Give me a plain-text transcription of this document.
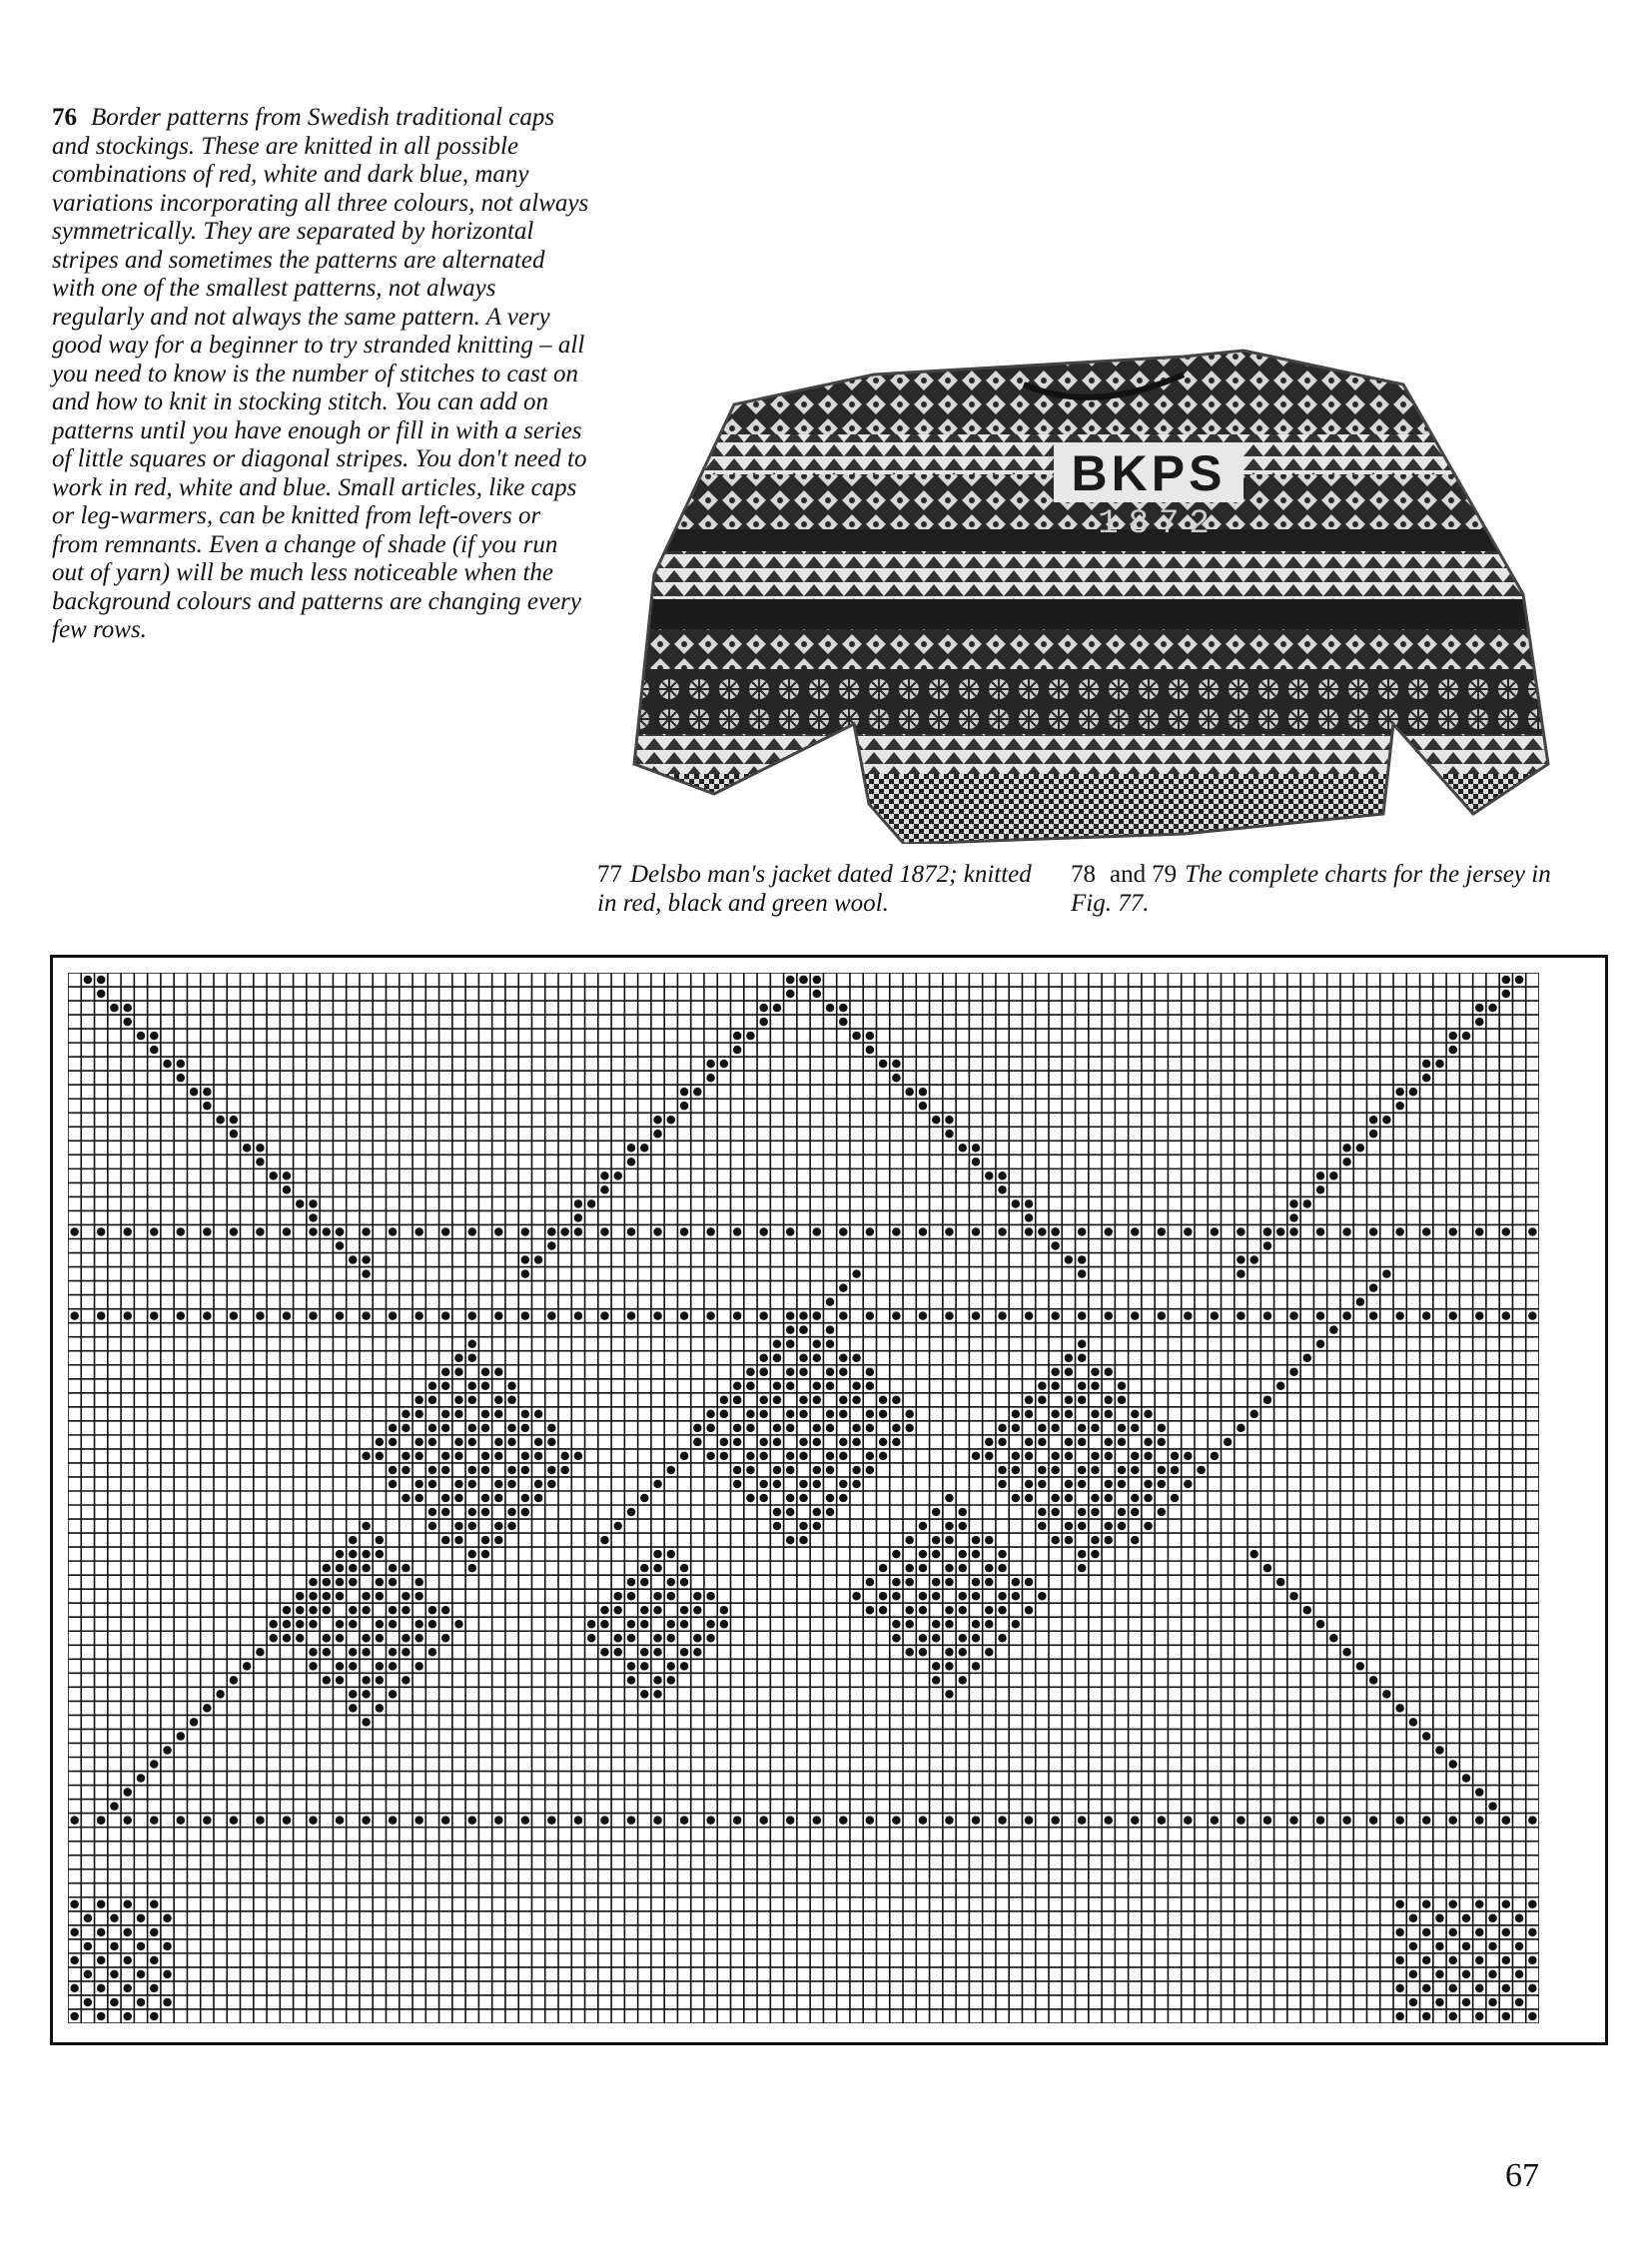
76 Border patterns from Swedish traditional caps and stockings. These are knitted in all possible combinations of red, white and dark blue, many variations incorporating all three colours, not always symmetrically. They are separated by horizontal stripes and sometimes the patterns are alternated with one of the smallest patterns, not always regularly and not always the same pattern. A very good way for a beginner to try stranded knitting – all you need to know is the number of stitches to cast on and how to knit in stocking stitch. You can add on patterns until you have enough or fill in with a series of little squares or diagonal stripes. You don't need to work in red, white and blue. Small articles, like caps or leg-warmers, can be knitted from left-overs or from remnants. Even a change of shade (if you run out of yarn) will be much less noticeable when the background colours and patterns are changing every few rows.
BKPS
1872
77 Delsbo man's jacket dated 1872; knitted in red, black and green wool.
78 and 79 The complete charts for the jersey in Fig. 77.
67
